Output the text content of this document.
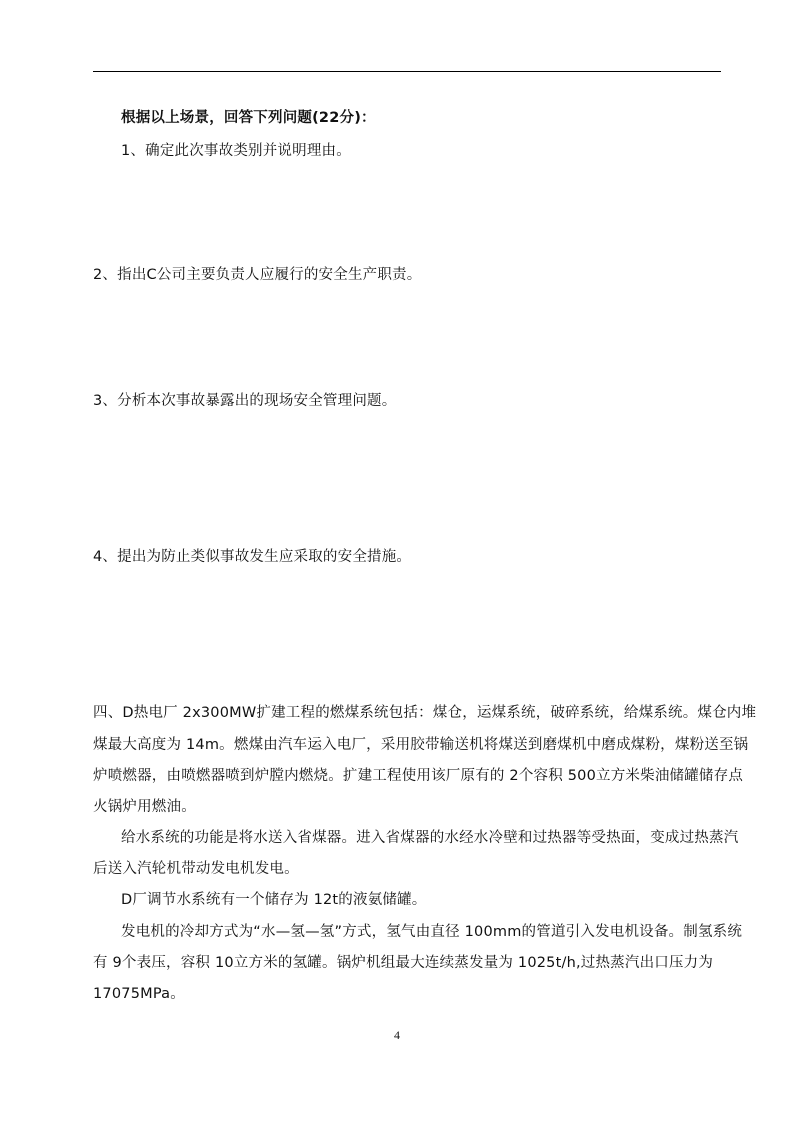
根据以上场景，回答下列问题(22分)：
1、确定此次事故类别并说明理由。
2、指出C公司主要负责人应履行的安全生产职责。
3、分析本次事故暴露出的现场安全管理问题。
4、提出为防止类似事故发生应采取的安全措施。
四、D热电厂 2x300MW扩建工程的燃煤系统包括：煤仓，运煤系统，破碎系统，给煤系统。煤仓内堆
煤最大高度为 14m。燃煤由汽车运入电厂，采用胶带输送机将煤送到磨煤机中磨成煤粉，煤粉送至锅
炉喷燃器，由喷燃器喷到炉膛内燃烧。扩建工程使用该厂原有的 2个容积 500立方米柴油储罐储存点
火锅炉用燃油。
给水系统的功能是将水送入省煤器。进入省煤器的水经水冷壁和过热器等受热面，变成过热蒸汽
后送入汽轮机带动发电机发电。
D厂调节水系统有一个储存为 12t的液氨储罐。
发电机的冷却方式为“水—氢—氢”方式，氢气由直径 100mm的管道引入发电机设备。制氢系统
有 9个表压，容积 10立方米的氢罐。锅炉机组最大连续蒸发量为 1025t/h,过热蒸汽出口压力为
17075MPa。
4
